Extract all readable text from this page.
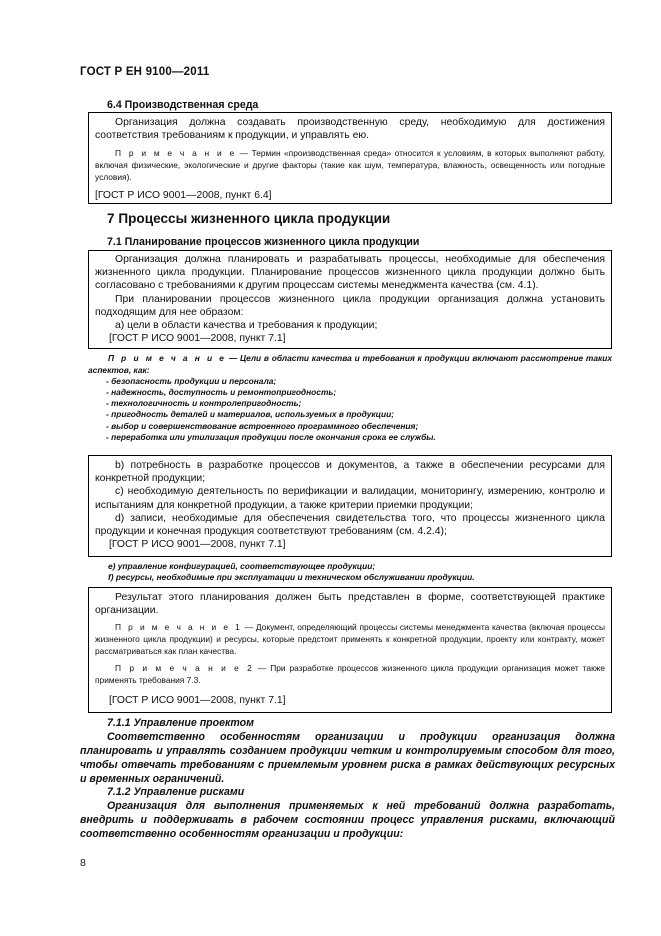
ГОСТ Р ЕН 9100—2011
6.4 Производственная среда

Организация должна создавать производственную среду, необходимую для достижения соответствия требованиям к продукции, и управлять ею.

П р и м е ч а н и е — Термин «производственная среда» относится к условиям, в которых выполняют работу, включая физические, экологические и другие факторы (такие как шум, температура, влажность, освещенность или погодные условия).

[ГОСТ Р ИСО 9001—2008, пункт 6.4]

7 Процессы жизненного цикла продукции
7.1 Планирование процессов жизненного цикла продукции

Организация должна планировать и разрабатывать процессы, необходимые для обеспечения жизненного цикла продукции. Планирование процессов жизненного цикла продукции должно быть согласовано с требованиями к другим процессам системы менеджмента качества (см. 4.1).

При планировании процессов жизненного цикла продукции организация должна установить подходящим для нее образом:

a) цели в области качества и требования к продукции;

[ГОСТ Р ИСО 9001—2008, пункт 7.1]

П р и м е ч а н и е — Цели в области качества и требования к продукции включают рассмотрение таких аспектов, как:

- безопасность продукции и персонала;
- надежность, доступность и ремонтопригодность;
- технологичность и контролепригодность;
- пригодность деталей и материалов, используемых в продукции;
- выбор и совершенствование встроенного программного обеспечения;
- переработка или утилизация продукции после окончания срока ее службы.

b) потребность в разработке процессов и документов, а также в обеспечении ресурсами для конкретной продукции;

c) необходимую деятельность по верификации и валидации, мониторингу, измерению, контролю и испытаниям для конкретной продукции, а также критерии приемки продукции;

d) записи, необходимые для обеспечения свидетельства того, что процессы жизненного цикла продукции и конечная продукция соответствуют требованиям (см. 4.2.4);

[ГОСТ Р ИСО 9001—2008, пункт 7.1]

e) управление конфигурацией, соответствующее продукции;
f) ресурсы, необходимые при эксплуатации и техническом обслуживании продукции.

Результат этого планирования должен быть представлен в форме, соответствующей практике организации.

П р и м е ч а н и е 1 — Документ, определяющий процессы системы менеджмента качества (включая процессы жизненного цикла продукции) и ресурсы, которые предстоит применять к конкретной продукции, проекту или контракту, может рассматриваться как план качества.

П р и м е ч а н и е 2 — При разработке процессов жизненного цикла продукции организация может также применять требования 7.3.

[ГОСТ Р ИСО 9001—2008, пункт 7.1]

7.1.1 Управление проектом

Соответственно особенностям организации и продукции организация должна планировать и управлять созданием продукции четким и контролируемым способом для того, чтобы отвечать требованиям с приемлемым уровнем риска в рамках действующих ресурсных и временных ограничений.

7.1.2 Управление рисками

Организация для выполнения применяемых к ней требований должна разработать, внедрить и поддерживать в рабочем состоянии процесс управления рисками, включающий соответственно особенностям организации и продукции:

8
